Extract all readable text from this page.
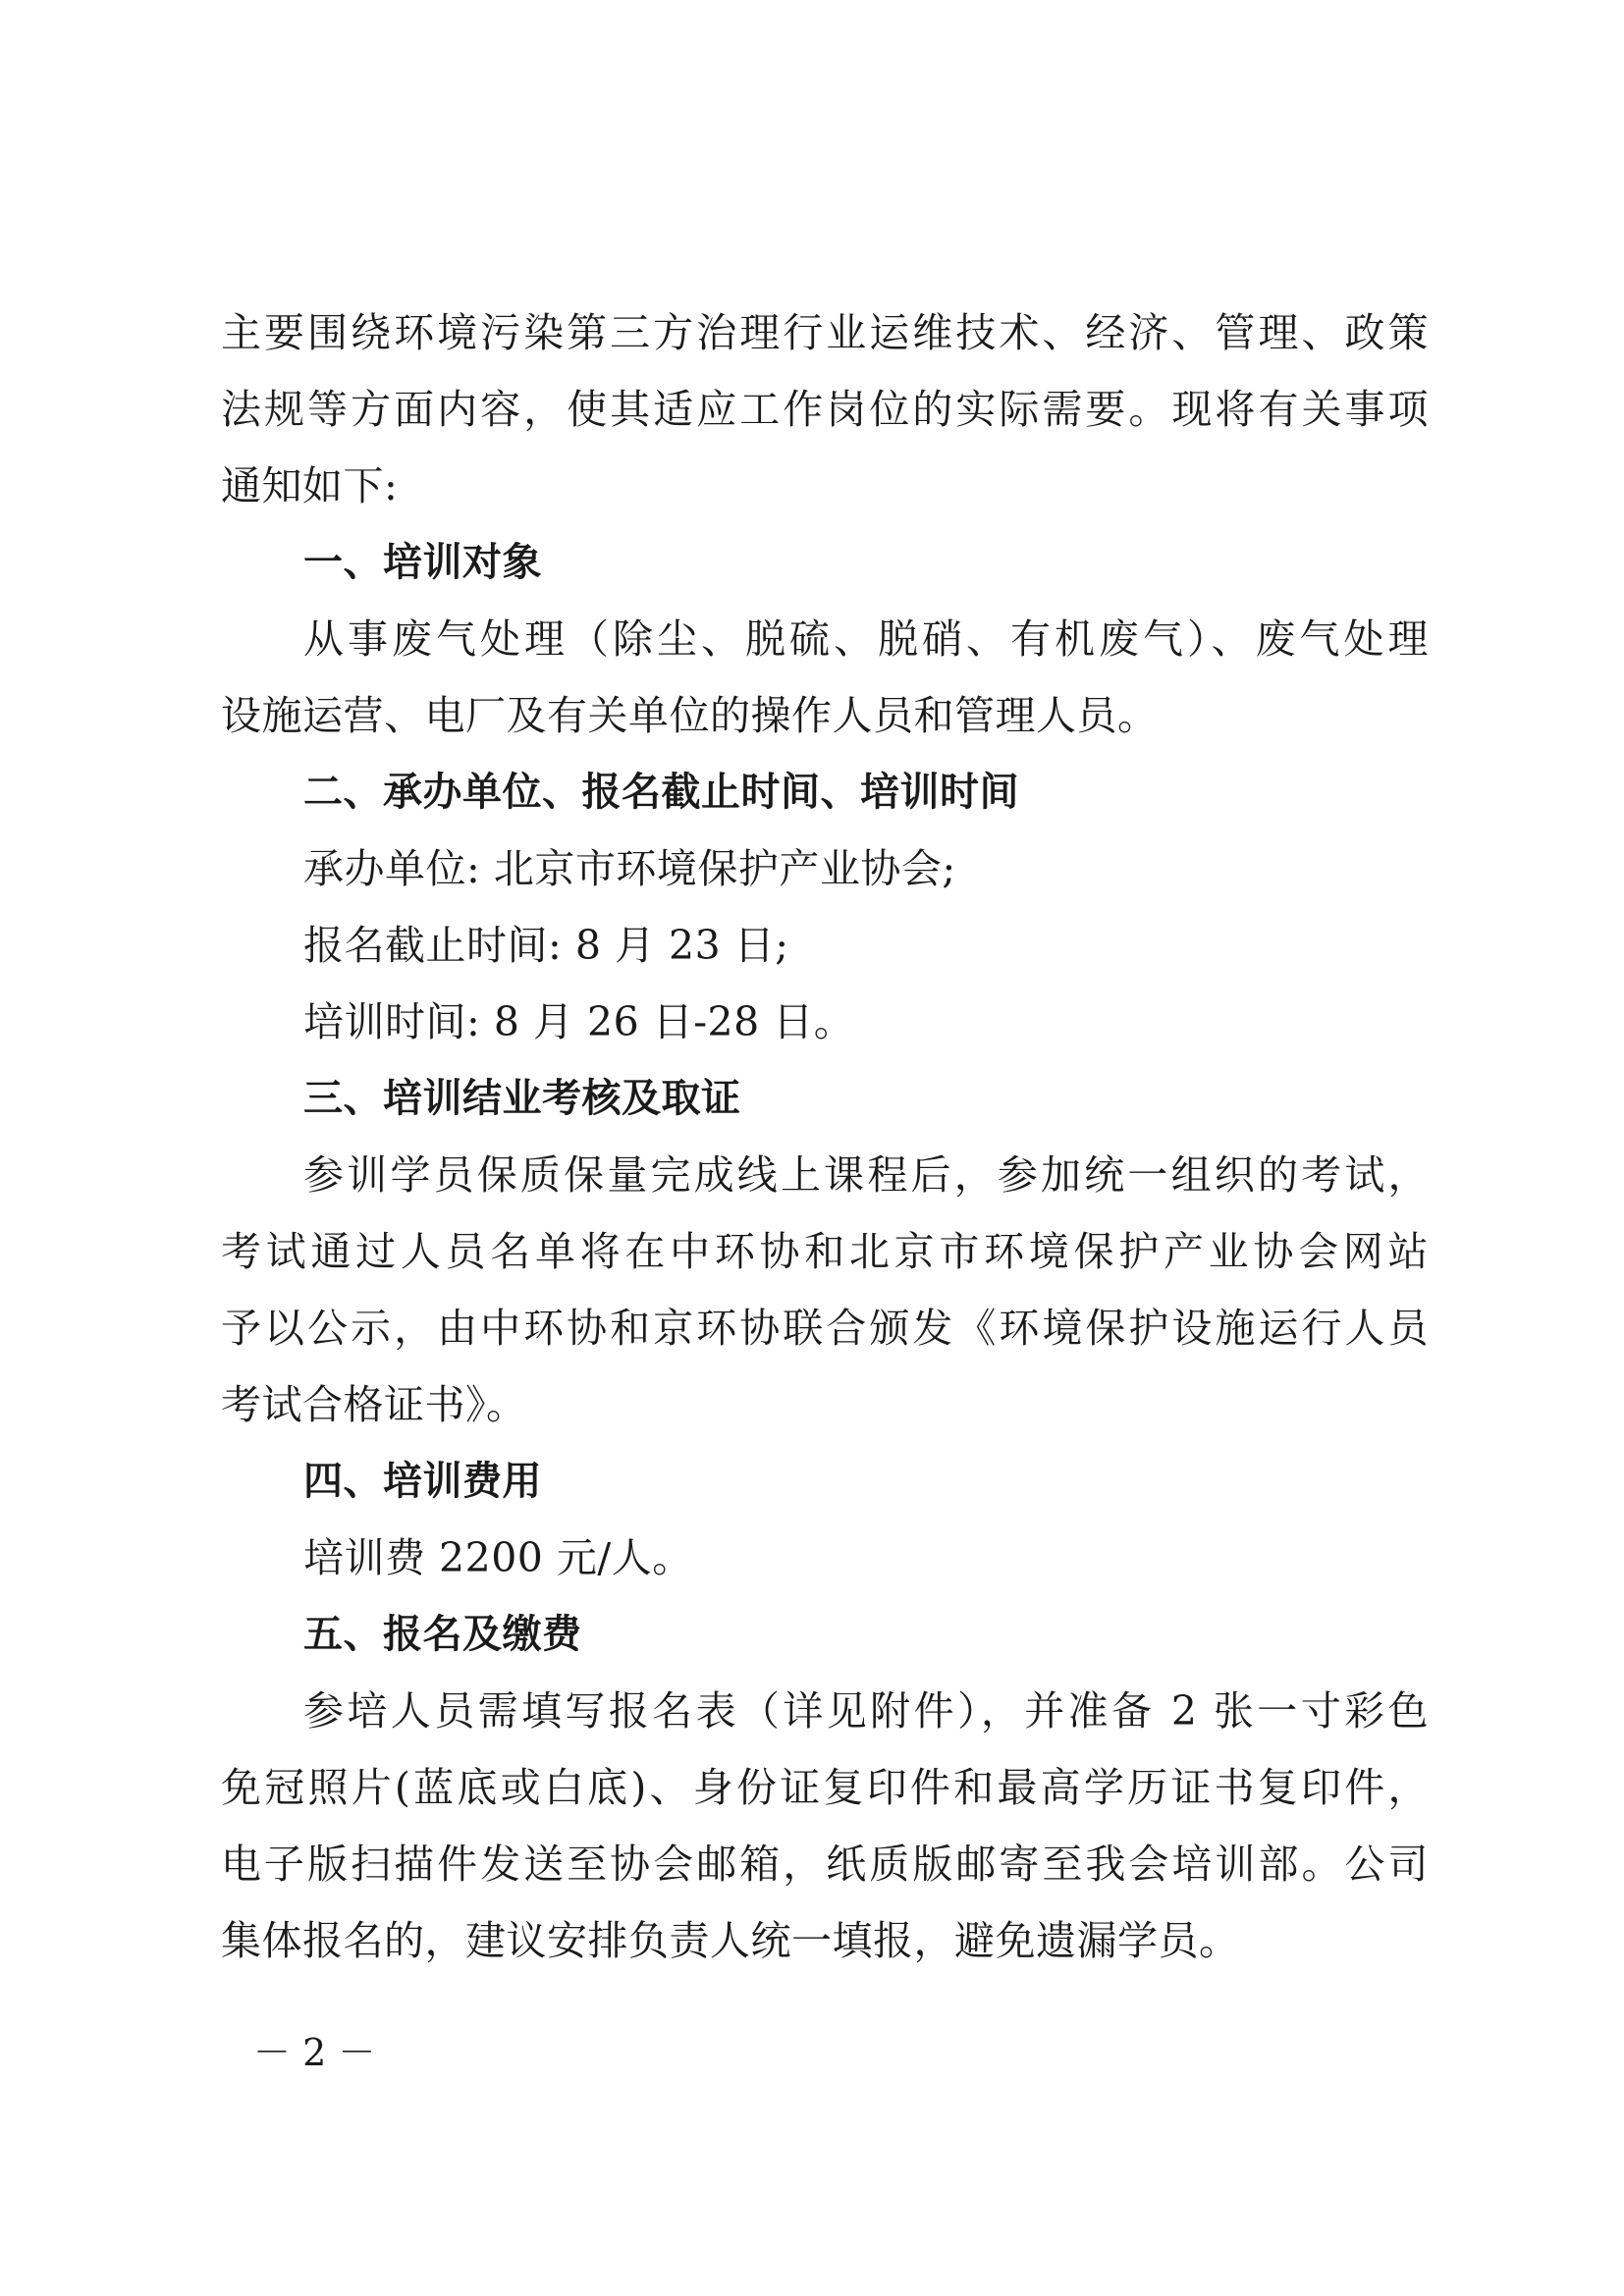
主要围绕环境污染第三方治理行业运维技术、经济、管理、政策
法规等方面内容，使其适应工作岗位的实际需要。现将有关事项
通知如下:
一、培训对象
从事废气处理（除尘、脱硫、脱硝、有机废气）、废气处理
设施运营、电厂及有关单位的操作人员和管理人员。
二、承办单位、报名截止时间、培训时间
承办单位: 北京市环境保护产业协会;
报名截止时间: 8 月 23 日;
培训时间: 8 月 26 日-28 日。
三、培训结业考核及取证
参训学员保质保量完成线上课程后，参加统一组织的考试，
考试通过人员名单将在中环协和北京市环境保护产业协会网站
予以公示，由中环协和京环协联合颁发《环境保护设施运行人员
考试合格证书》。
四、培训费用
培训费 2200 元/人。
五、报名及缴费
参培人员需填写报名表（详见附件），并准备 2 张一寸彩色
免冠照片(蓝底或白底)、身份证复印件和最高学历证书复印件，
电子版扫描件发送至协会邮箱，纸质版邮寄至我会培训部。公司
集体报名的，建议安排负责人统一填报，避免遗漏学员。
－ 2 －
